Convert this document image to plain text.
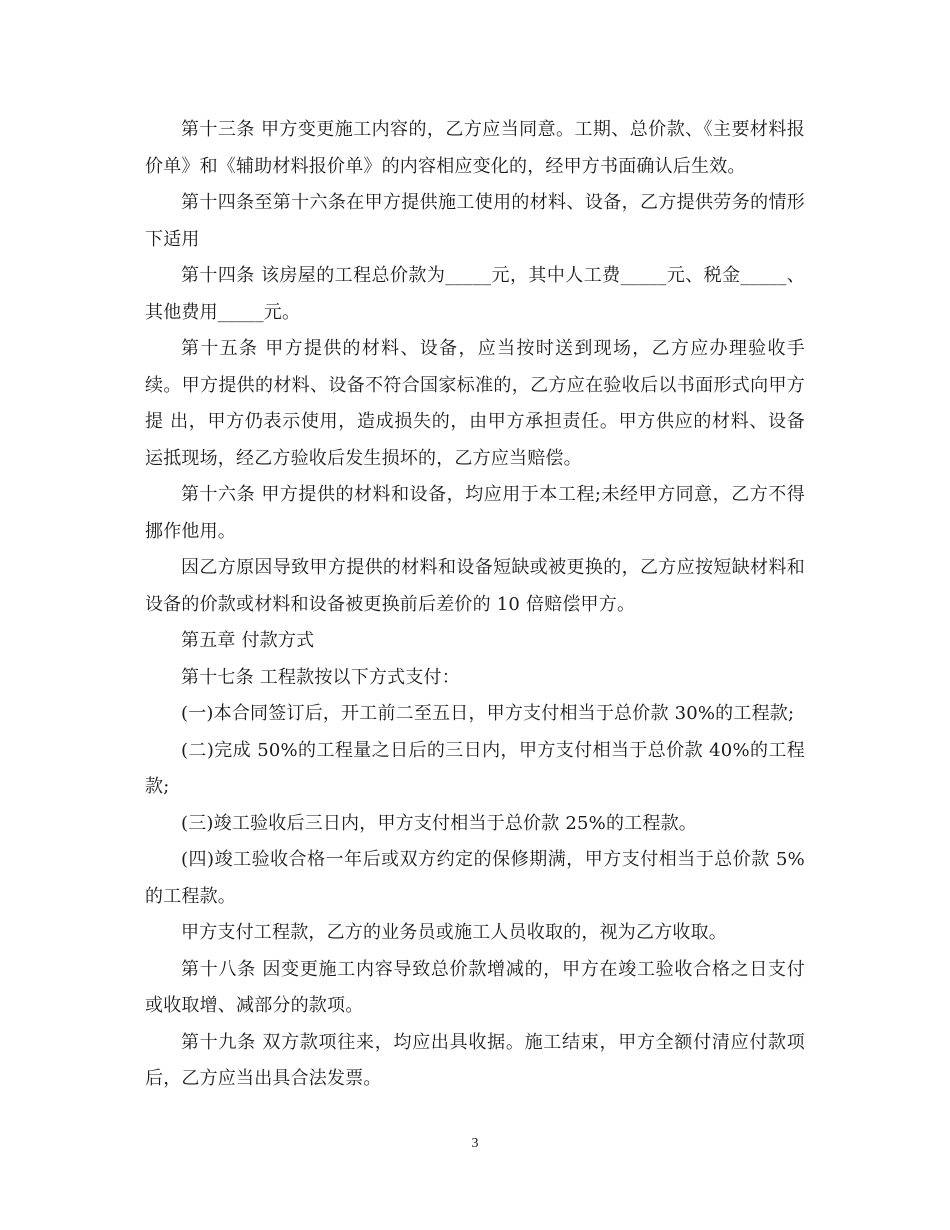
第十三条 甲方变更施工内容的，乙方应当同意。工期、总价款、《主要材料报价单》和《辅助材料报价单》的内容相应变化的，经甲方书面确认后生效。

第十四条至第十六条在甲方提供施工使用的材料、设备，乙方提供劳务的情形下适用

第十四条 该房屋的工程总价款为_____元，其中人工费_____元、税金_____、其他费用_____元。

第十五条 甲方提供的材料、设备，应当按时送到现场，乙方应办理验收手续。甲方提供的材料、设备不符合国家标准的，乙方应在验收后以书面形式向甲方提 出，甲方仍表示使用，造成损失的，由甲方承担责任。甲方供应的材料、设备运抵现场，经乙方验收后发生损坏的，乙方应当赔偿。

第十六条 甲方提供的材料和设备，均应用于本工程;未经甲方同意，乙方不得挪作他用。

因乙方原因导致甲方提供的材料和设备短缺或被更换的，乙方应按短缺材料和设备的价款或材料和设备被更换前后差价的 10 倍赔偿甲方。

第五章 付款方式

第十七条 工程款按以下方式支付：

(一)本合同签订后，开工前二至五日，甲方支付相当于总价款 30%的工程款;

(二)完成 50%的工程量之日后的三日内，甲方支付相当于总价款 40%的工程款;

(三)竣工验收后三日内，甲方支付相当于总价款 25%的工程款。

(四)竣工验收合格一年后或双方约定的保修期满，甲方支付相当于总价款 5%的工程款。

甲方支付工程款，乙方的业务员或施工人员收取的，视为乙方收取。

第十八条 因变更施工内容导致总价款增减的，甲方在竣工验收合格之日支付或收取增、减部分的款项。

第十九条 双方款项往来，均应出具收据。施工结束，甲方全额付清应付款项后，乙方应当出具合法发票。

3
